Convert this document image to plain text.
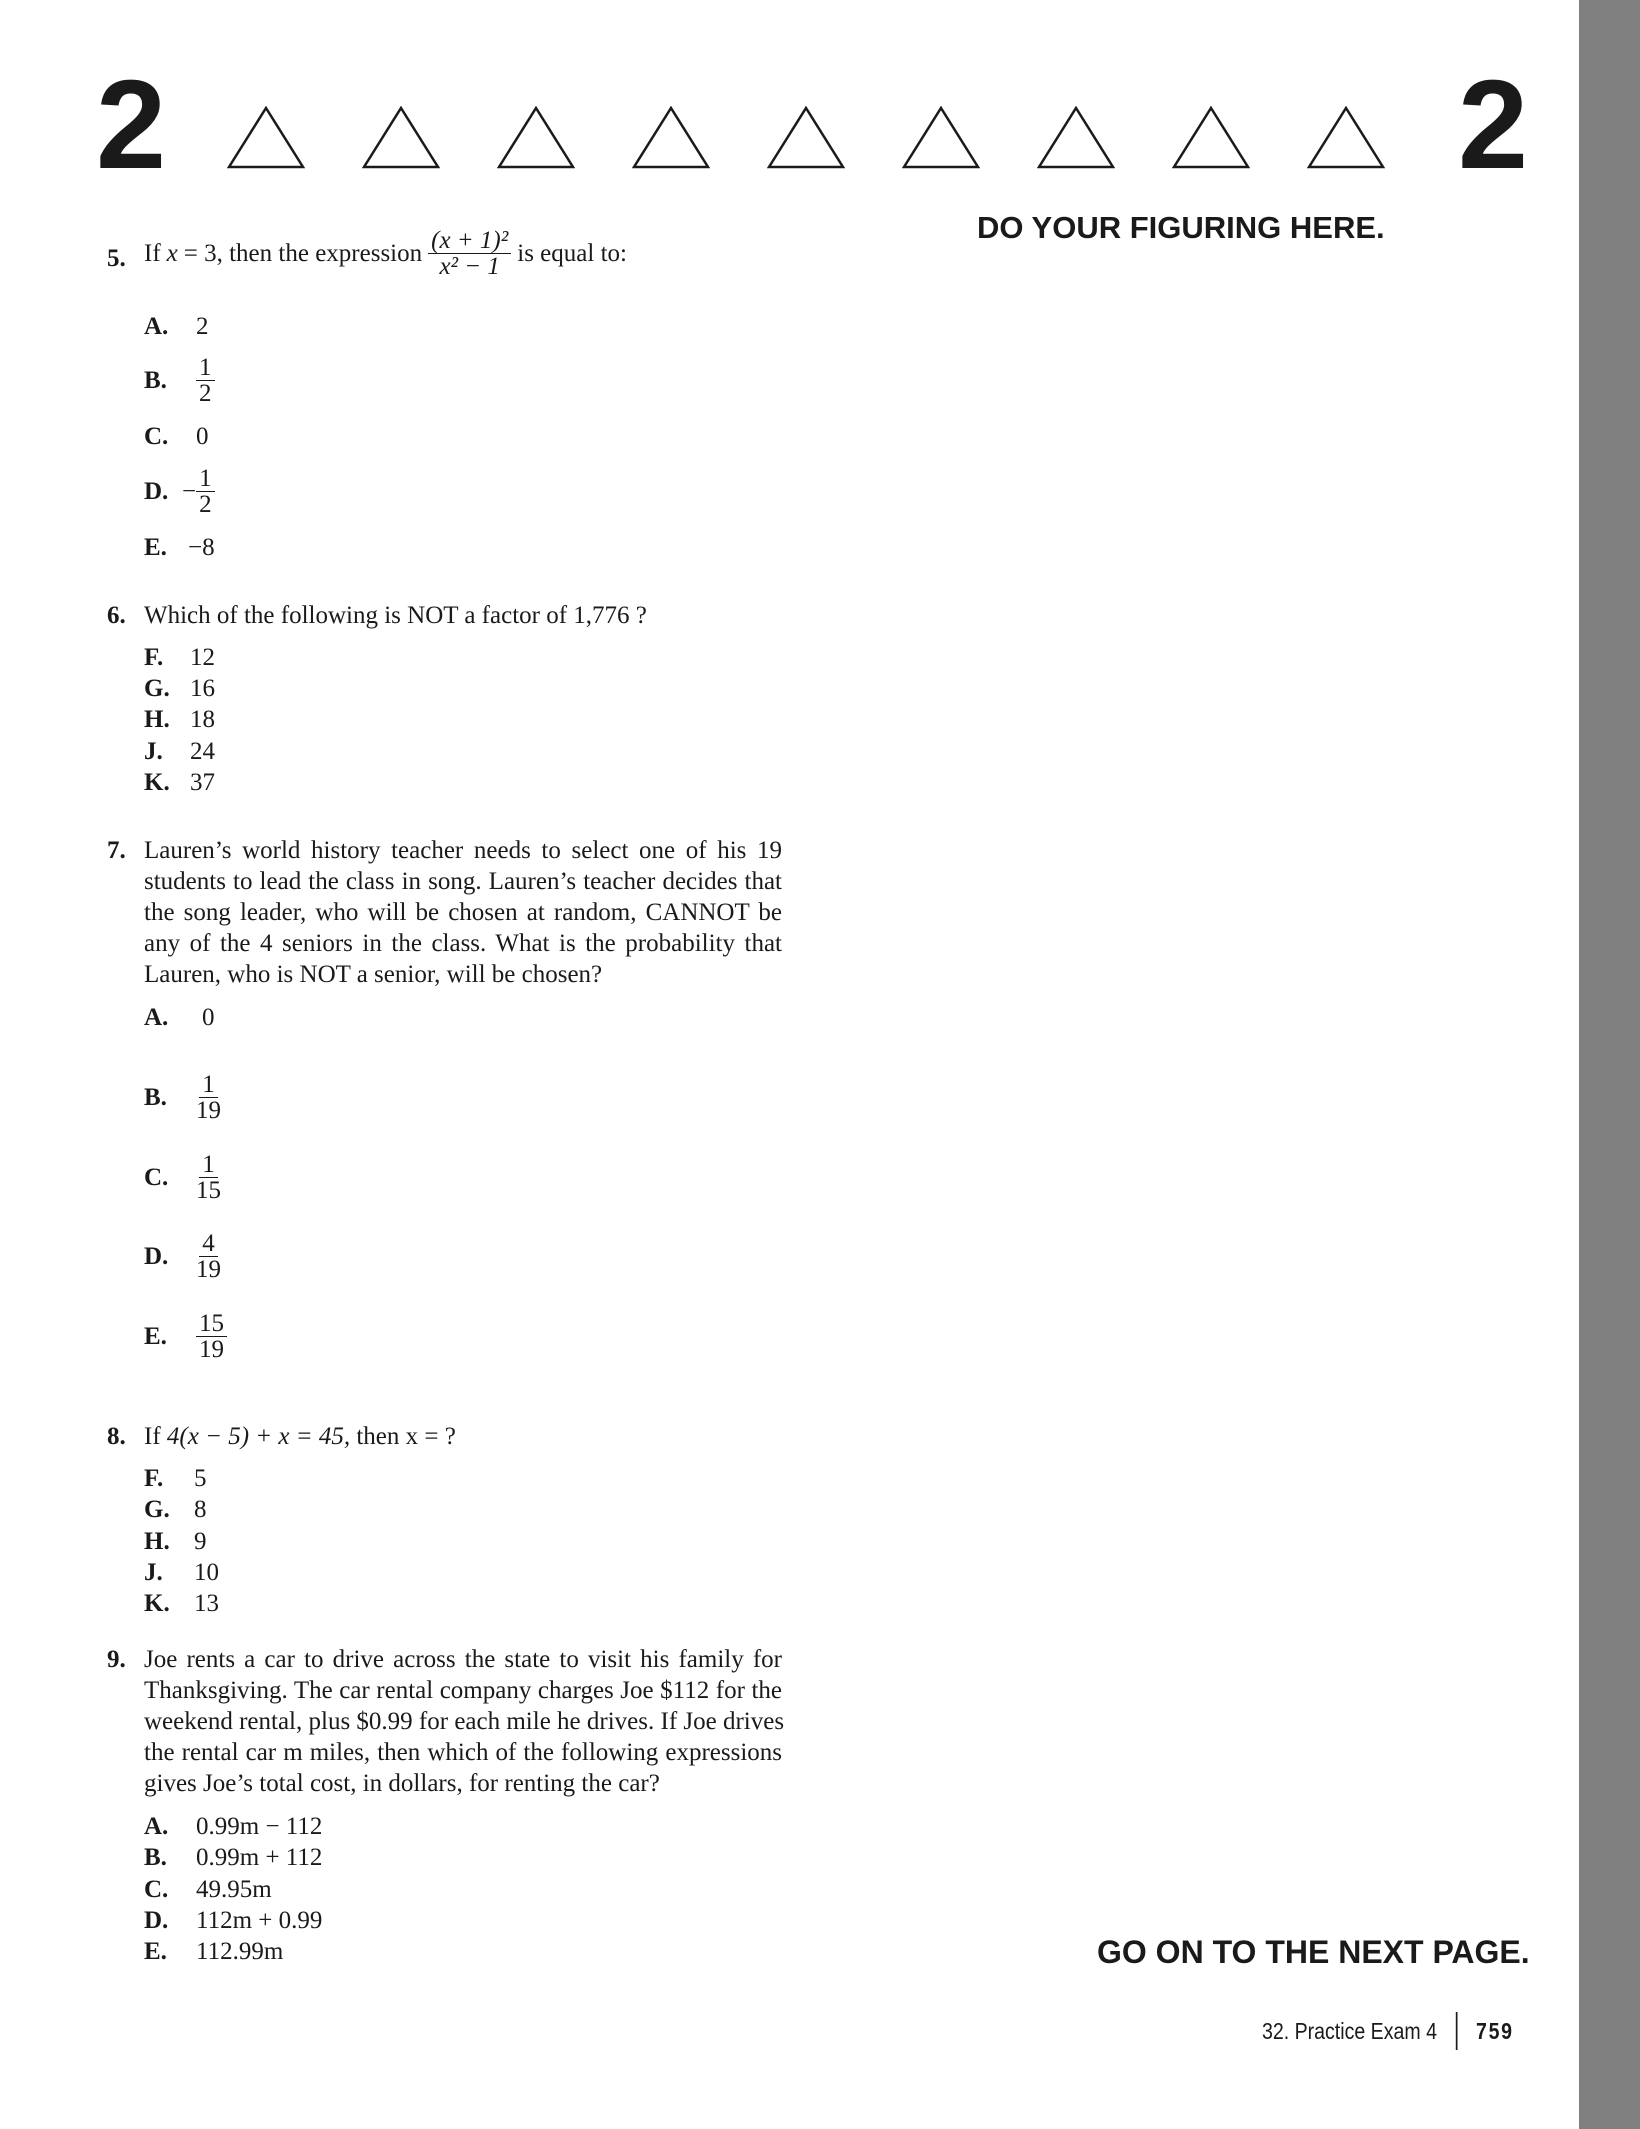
2	2
DO YOUR FIGURING HERE.
5. If x = 3, then the expression $\frac{\text{(x + 1)²}}{\text{x² − 1}}$ is equal to:
A.	2
B.	$\frac{1}{2}$
C.	0
D. − $\frac{1}{2}$
E. −8
6. Which of the following is NOT a factor of 1,776 ?
F.	12
G. 16
H. 18
J.	24
K. 37
7. Lauren’s world history teacher needs to select one of his 19
students to lead the class in song. Lauren’s teacher decides that
the song leader, who will be chosen at random, CANNOT be
any of the 4 seniors in the class. What is the probability that
Lauren, who is NOT a senior, will be chosen?
A.	0
B.	$\frac{1}{19}$
C.	$\frac{1}{15}$
D.	$\frac{4}{19}$
E.	$\frac{15}{19}$
8. If 4(x − 5) + x = 45, then x = ?
F.	5
G. 8
H. 9
J.	10
K. 13
9. Joe rents a car to drive across the state to visit his family for
Thanksgiving. The car rental company charges Joe $112 for the
weekend rental, plus $0.99 for each mile he drives. If Joe drives
the rental car m miles, then which of the following expressions
gives Joe’s total cost, in dollars, for renting the car?
A.	0.99m − 112
B.	0.99m + 112
C.	49.95m
D.	112m + 0.99
E.	112.99m	GO ON TO THE NEXT PAGE.
32. Practice Exam 4 759
